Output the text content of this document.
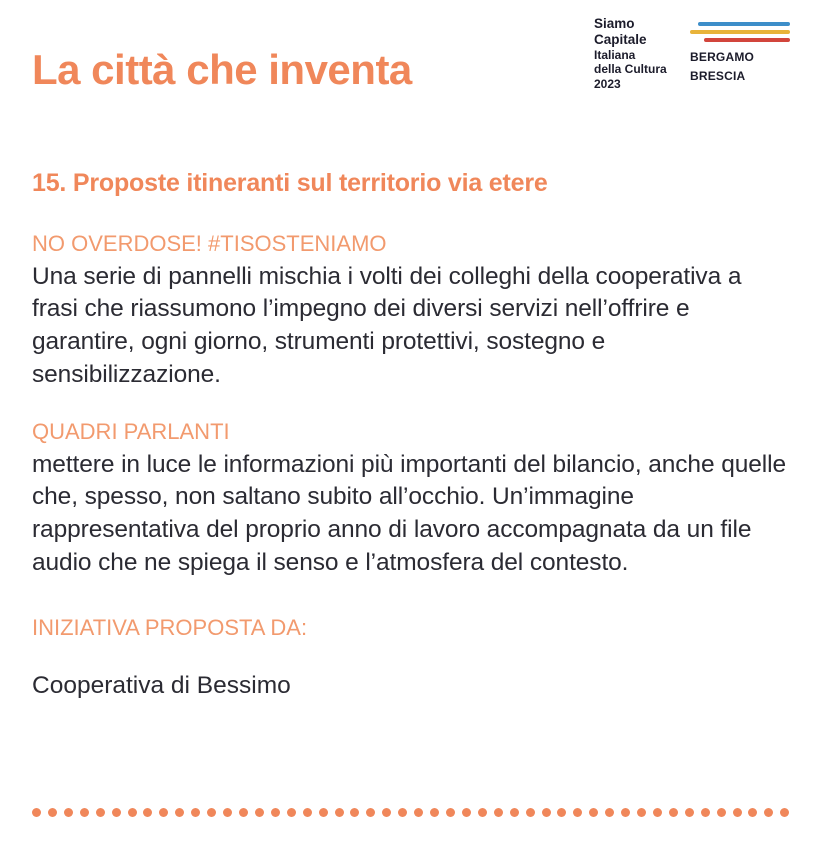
La città che inventa
Siamo
Capitale
Italiana
della Cultura
2023
BERGAMO
BRESCIA
15. Proposte itineranti sul territorio via etere

NO OVERDOSE! #TISOSTENIAMO

Una serie di pannelli mischia i volti dei colleghi della cooperativa a frasi che riassumono l’impegno dei diversi servizi nell’offrire e garantire, ogni giorno, strumenti protettivi, sostegno e sensibilizzazione.

QUADRI PARLANTI

mettere in luce le informazioni più importanti del bilancio, anche quelle che, spesso, non saltano subito all’occhio. Un’immagine rappresentativa del proprio anno di lavoro accompagnata da un file audio che ne spiega il senso e l’atmosfera del contesto.

INIZIATIVA PROPOSTA DA:

Cooperativa di Bessimo
